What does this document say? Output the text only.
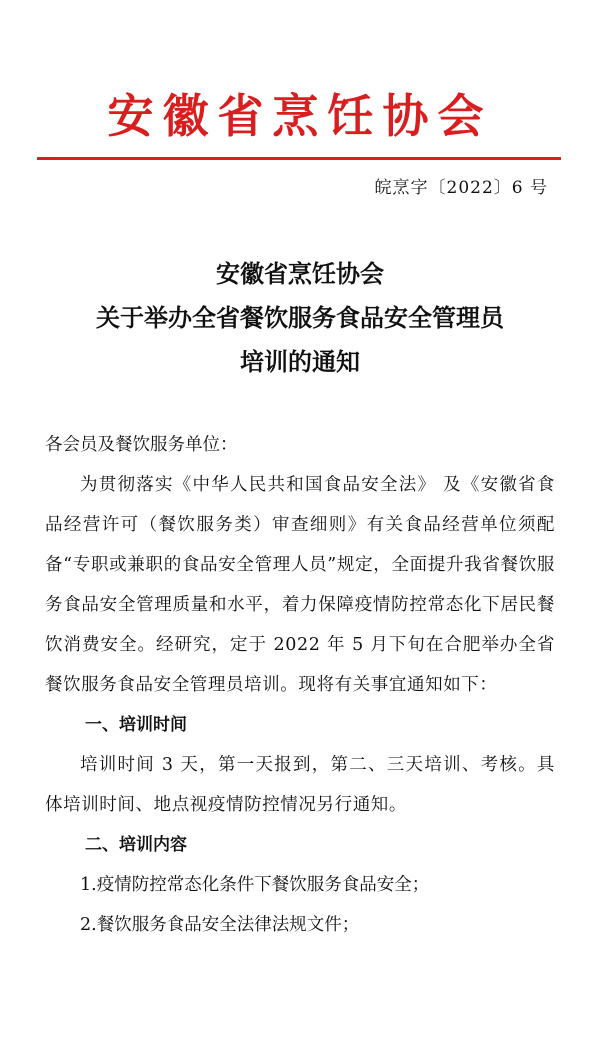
安徽省烹饪协会
皖烹字〔2022〕6 号
安徽省烹饪协会
关于举办全省餐饮服务食品安全管理员
培训的通知

各会员及餐饮服务单位：

为贯彻落实《中华人民共和国食品安全法》 及《安徽省食品经营许可（餐饮服务类）审查细则》有关食品经营单位须配备“专职或兼职的食品安全管理人员”规定，全面提升我省餐饮服务食品安全管理质量和水平，着力保障疫情防控常态化下居民餐饮消费安全。经研究，定于 2022 年 5 月下旬在合肥举办全省餐饮服务食品安全管理员培训。现将有关事宜通知如下：

一、培训时间

培训时间 3 天，第一天报到，第二、三天培训、考核。具体培训时间、地点视疫情防控情况另行通知。

二、培训内容

1.疫情防控常态化条件下餐饮服务食品安全；

2.餐饮服务食品安全法律法规文件；
